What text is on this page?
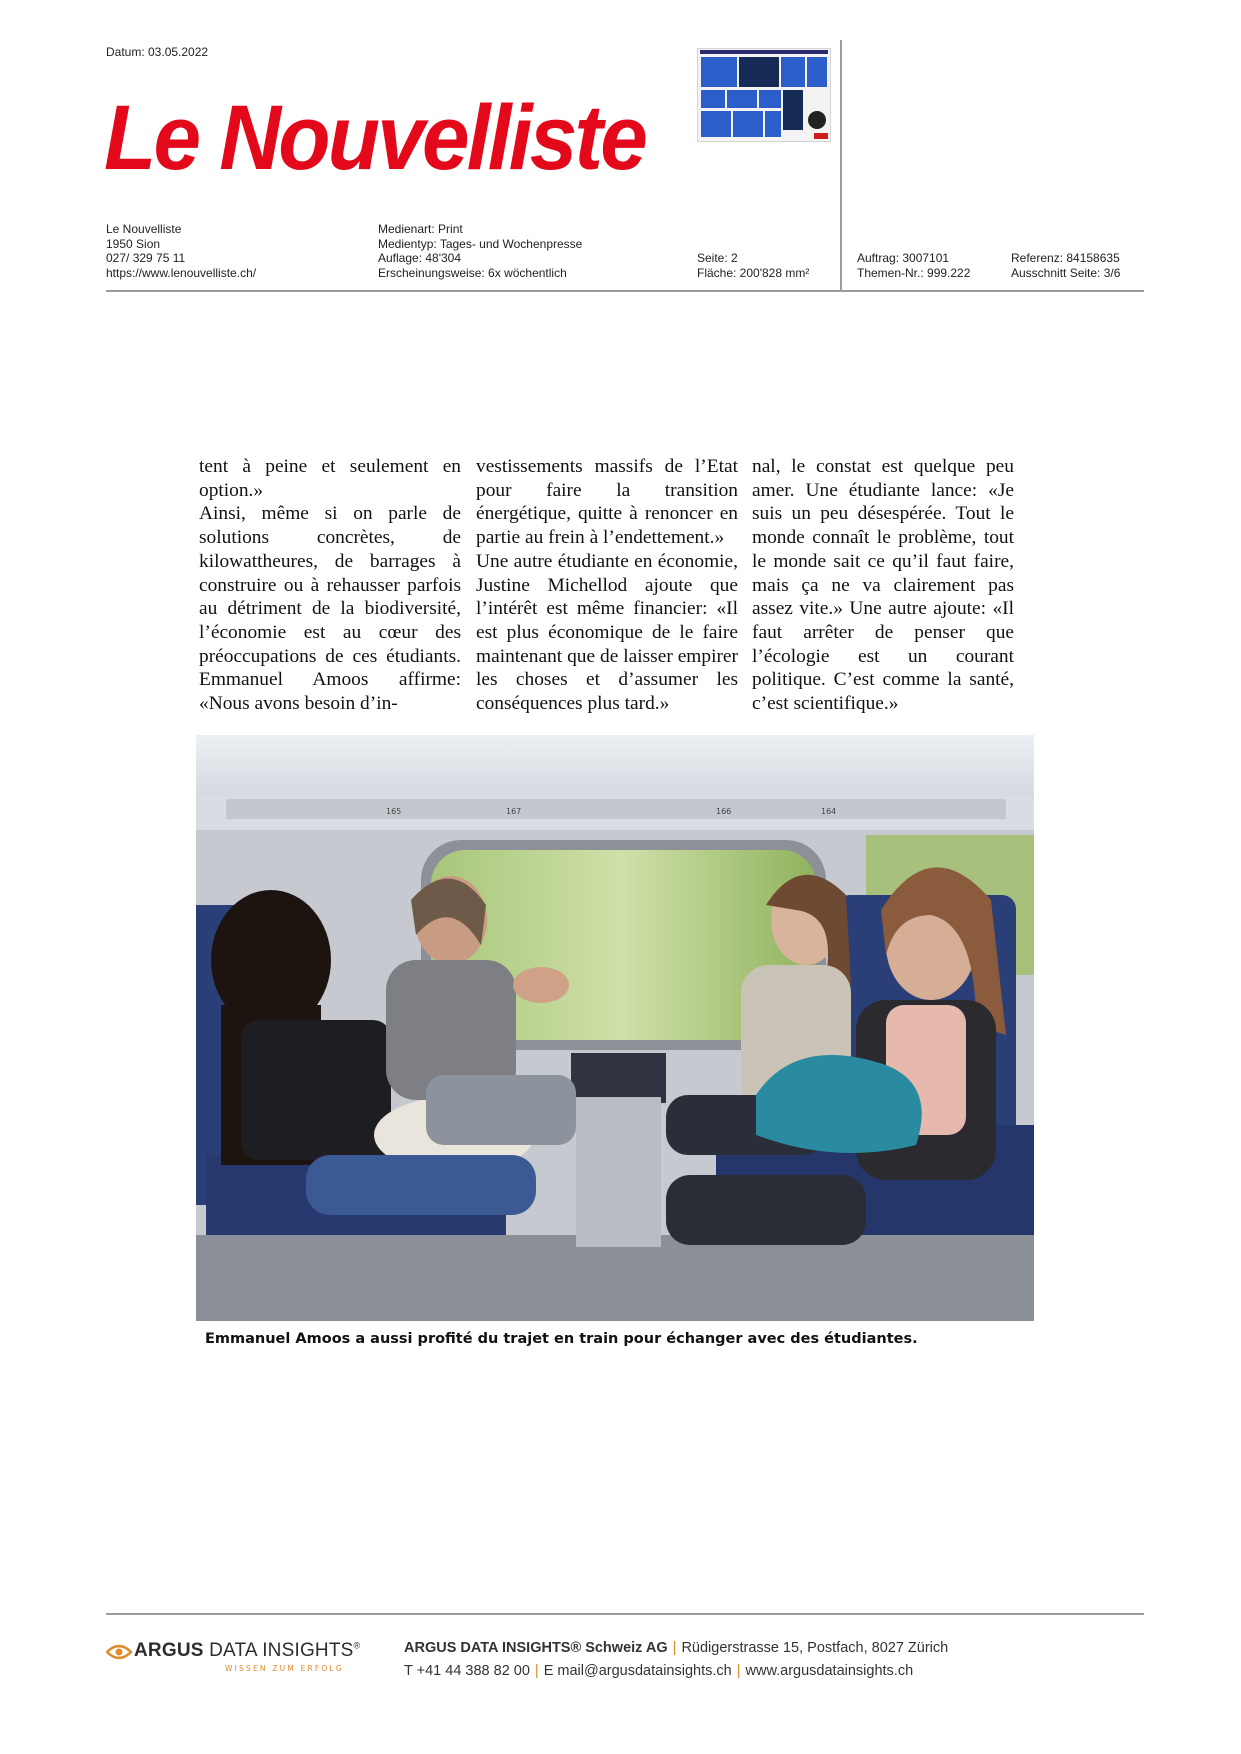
Datum: 03.05.2022
Le Nouvelliste
Le Nouvelliste
1950 Sion
027/ 329 75 11
https://www.lenouvelliste.ch/
Medienart: Print
Medientyp: Tages- und Wochenpresse
Auflage: 48'304
Erscheinungsweise: 6x wöchentlich
Seite: 2
Fläche: 200'828 mm²
Auftrag: 3007101
Themen-Nr.: 999.222
Referenz: 84158635
Ausschnitt Seite: 3/6

tent à peine et seulement en option.»

Ainsi, même si on parle de solutions concrètes, de kilowattheures, de barrages à construire ou à rehausser parfois au détriment de la biodiversité, l’économie est au cœur des préoccupations de ces étudiants. Emmanuel Amoos affirme: «Nous avons besoin d’in-

vestissements massifs de l’Etat pour faire la transition énergétique, quitte à renoncer en partie au frein à l’endettement.»

Une autre étudiante en économie, Justine Michellod ajoute que l’intérêt est même financier: «Il est plus économique de le faire maintenant que de laisser empirer les choses et d’assumer les conséquences plus tard.»

nal, le constat est quelque peu amer. Une étudiante lance: «Je suis un peu désespérée. Tout le monde connaît le problème, tout le monde sait ce qu’il faut faire, mais ça ne va clairement pas assez vite.» Une autre ajoute: «Il faut arrêter de penser que l’écologie est un courant politique. C’est comme la santé, c’est scientifique.»

165	167	166	164
Emmanuel Amoos a aussi profité du trajet en train pour échanger avec des étudiantes.
ARGUS DATA INSIGHTS®
WISSEN ZUM ERFOLG
ARGUS DATA INSIGHTS® Schweiz AG | Rüdigerstrasse 15, Postfach, 8027 Zürich
T +41 44 388 82 00 | E mail@argusdatainsights.ch | www.argusdatainsights.ch
